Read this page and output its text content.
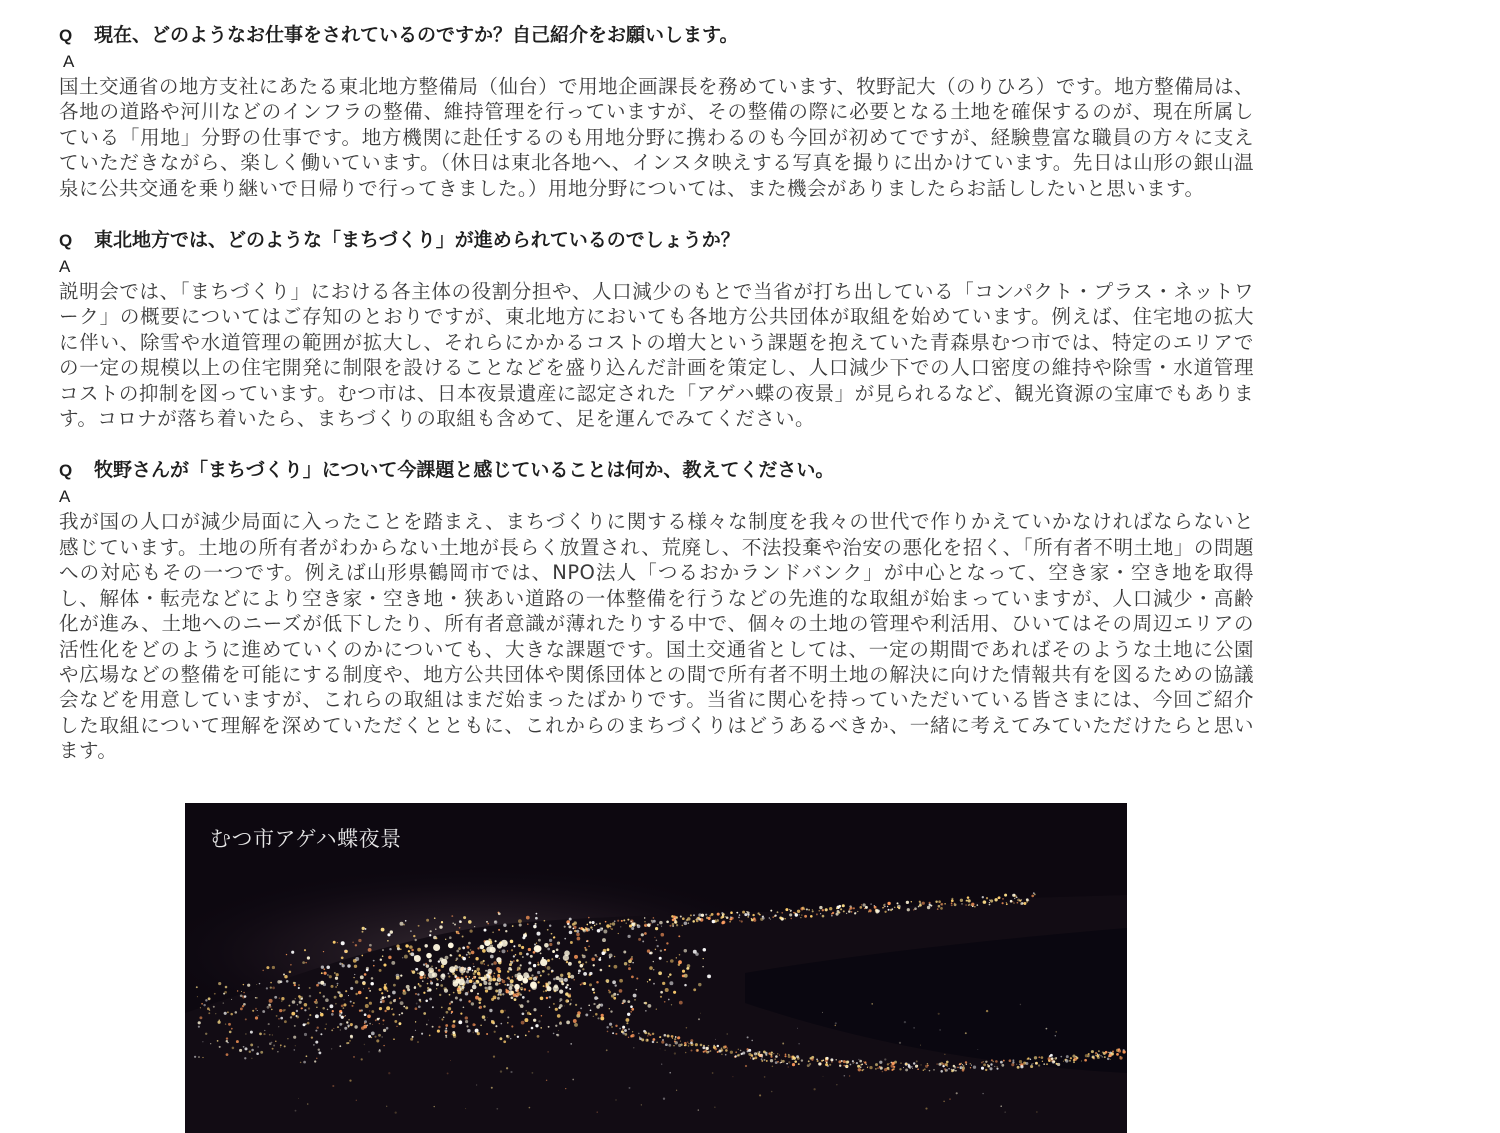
Q	現在、どのようなお仕事をされているのですか？自己紹介をお願いします。

A

国土交通省の地方支社にあたる東北地方整備局（仙台）で用地企画課長を務めています、牧野記大（のりひろ）です。地方整備局は、各地の道路や河川などのインフラの整備、維持管理を行っていますが、その整備の際に必要となる土地を確保するのが、現在所属している「用地」分野の仕事です。地方機関に赴任するのも用地分野に携わるのも今回が初めてですが、経験豊富な職員の方々に支えていただきながら、楽しく働いています。（休日は東北各地へ、インスタ映えする写真を撮りに出かけています。先日は山形の銀山温泉に公共交通を乗り継いで日帰りで行ってきました。）用地分野については、また機会がありましたらお話ししたいと思います。

Q	東北地方では、どのような「まちづくり」が進められているのでしょうか？

A

説明会では、「まちづくり」における各主体の役割分担や、人口減少のもとで当省が打ち出している「コンパクト・プラス・ネットワーク」の概要についてはご存知のとおりですが、東北地方においても各地方公共団体が取組を始めています。例えば、住宅地の拡大に伴い、除雪や水道管理の範囲が拡大し、それらにかかるコストの増大という課題を抱えていた青森県むつ市では、特定のエリアでの一定の規模以上の住宅開発に制限を設けることなどを盛り込んだ計画を策定し、人口減少下での人口密度の維持や除雪・水道管理コストの抑制を図っています。むつ市は、日本夜景遺産に認定された「アゲハ蝶の夜景」が見られるなど、観光資源の宝庫でもあります。コロナが落ち着いたら、まちづくりの取組も含めて、足を運んでみてください。

Q	牧野さんが「まちづくり」について今課題と感じていることは何か、教えてください。

A

我が国の人口が減少局面に入ったことを踏まえ、まちづくりに関する様々な制度を我々の世代で作りかえていかなければならないと感じています。土地の所有者がわからない土地が長らく放置され、荒廃し、不法投棄や治安の悪化を招く、「所有者不明土地」の問題への対応もその一つです。例えば山形県鶴岡市では、NPO法人「つるおかランドバンク」が中心となって、空き家・空き地を取得し、解体・転売などにより空き家・空き地・狭あい道路の一体整備を行うなどの先進的な取組が始まっていますが、人口減少・高齢化が進み、土地へのニーズが低下したり、所有者意識が薄れたりする中で、個々の土地の管理や利活用、ひいてはその周辺エリアの活性化をどのように進めていくのかについても、大きな課題です。国土交通省としては、一定の期間であればそのような土地に公園や広場などの整備を可能にする制度や、地方公共団体や関係団体との間で所有者不明土地の解決に向けた情報共有を図るための協議会などを用意していますが、これらの取組はまだ始まったばかりです。当省に関心を持っていただいている皆さまには、今回ご紹介した取組について理解を深めていただくとともに、これからのまちづくりはどうあるべきか、一緒に考えてみていただけたらと思います。

むつ市アゲハ蝶夜景
